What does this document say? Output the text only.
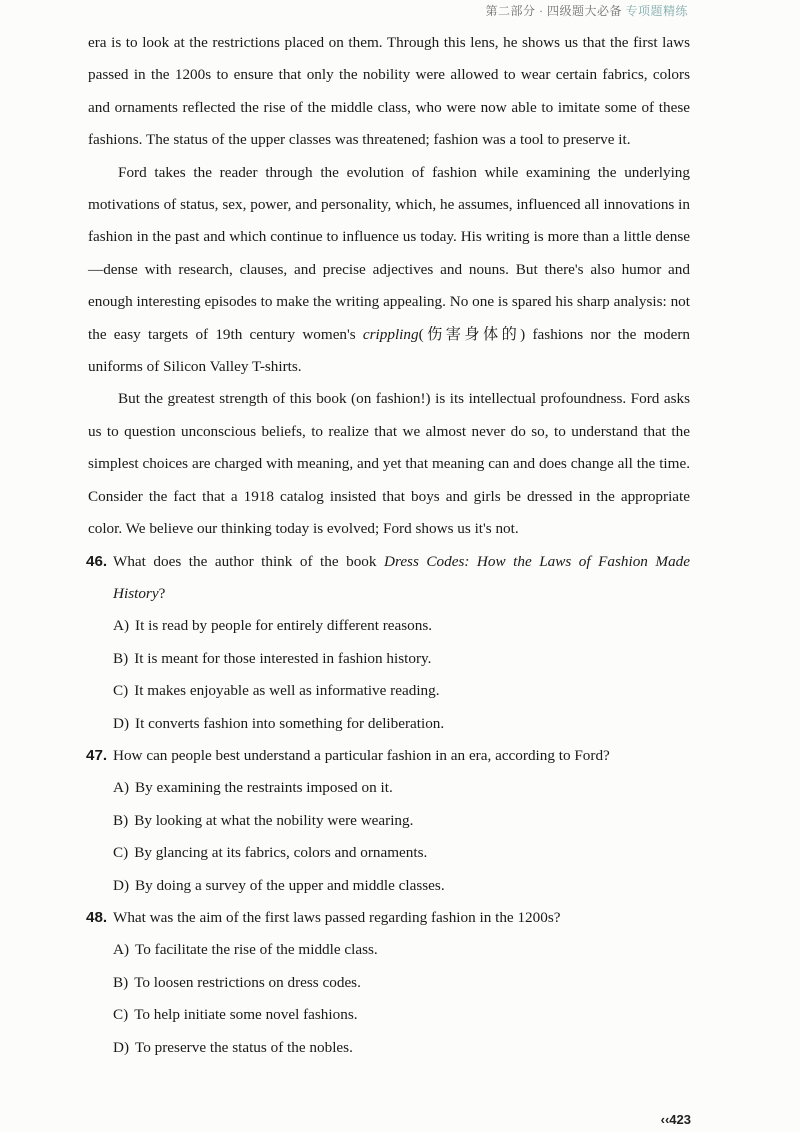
第二部分 · 四级题大必备 专项题精练

era is to look at the restrictions placed on them. Through this lens, he shows us that the first laws passed in the 1200s to ensure that only the nobility were allowed to wear certain fabrics, colors and ornaments reflected the rise of the middle class, who were now able to imitate some of these fashions. The status of the upper classes was threatened; fashion was a tool to preserve it.

Ford takes the reader through the evolution of fashion while examining the underlying motivations of status, sex, power, and personality, which, he assumes, influenced all innovations in fashion in the past and which continue to influence us today. His writing is more than a little dense—dense with research, clauses, and precise adjectives and nouns. But there's also humor and enough interesting episodes to make the writing appealing. No one is spared his sharp analysis: not the easy targets of 19th century women's crippling(伤害身体的) fashions nor the modern uniforms of Silicon Valley T-shirts.

But the greatest strength of this book (on fashion!) is its intellectual profoundness. Ford asks us to question unconscious beliefs, to realize that we almost never do so, to understand that the simplest choices are charged with meaning, and yet that meaning can and does change all the time. Consider the fact that a 1918 catalog insisted that boys and girls be dressed in the appropriate color. We believe our thinking today is evolved; Ford shows us it's not.

46. What does the author think of the book Dress Codes: How the Laws of Fashion Made History?

A) It is read by people for entirely different reasons.
B) It is meant for those interested in fashion history.
C) It makes enjoyable as well as informative reading.
D) It converts fashion into something for deliberation.

47. How can people best understand a particular fashion in an era, according to Ford?

A) By examining the restraints imposed on it.
B) By looking at what the nobility were wearing.
C) By glancing at its fabrics, colors and ornaments.
D) By doing a survey of the upper and middle classes.

48. What was the aim of the first laws passed regarding fashion in the 1200s?

A) To facilitate the rise of the middle class.
B) To loosen restrictions on dress codes.
C) To help initiate some novel fashions.
D) To preserve the status of the nobles.
‹‹423
